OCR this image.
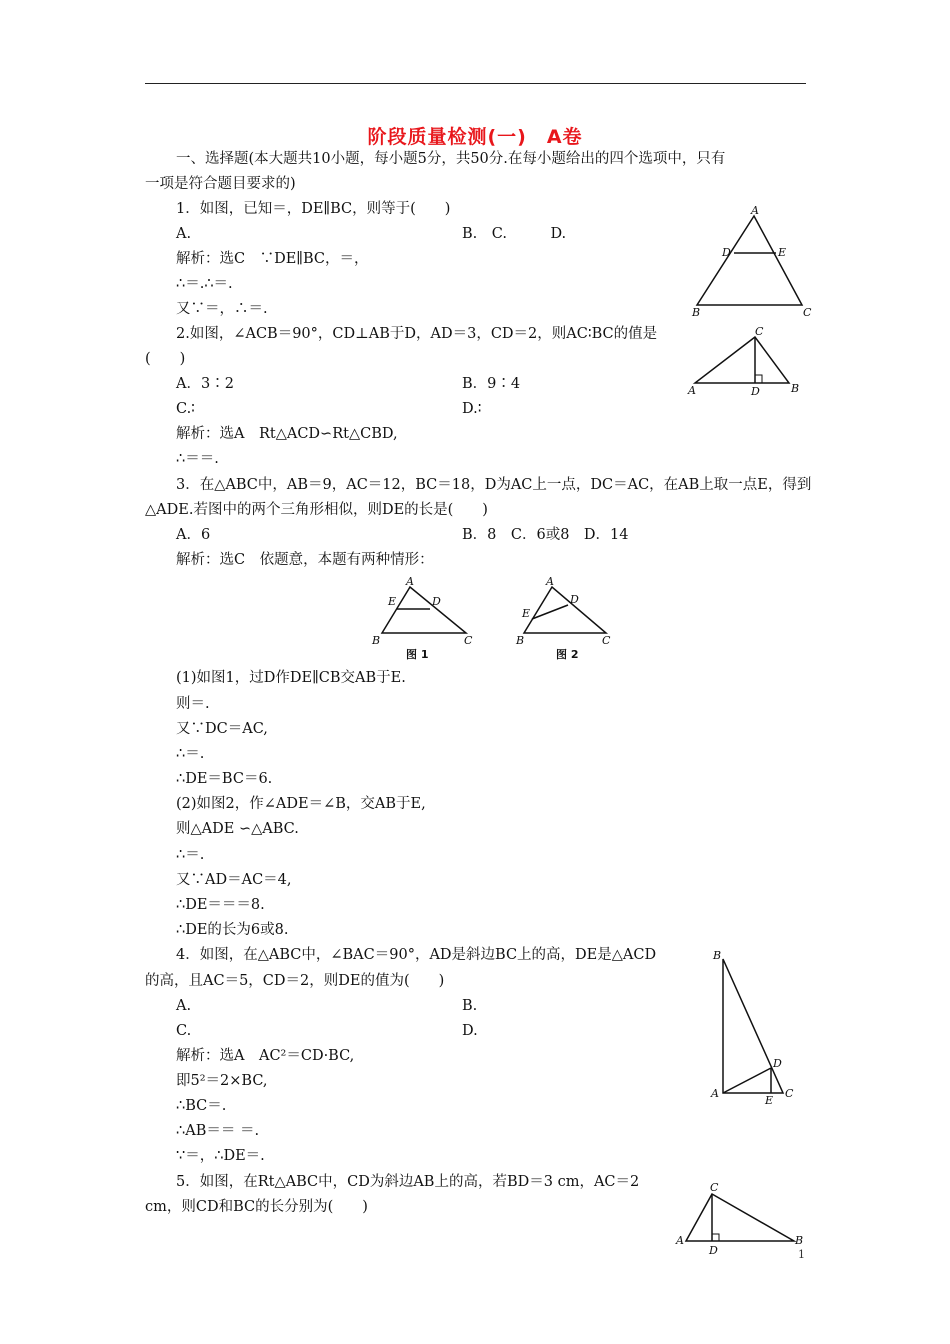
阶段质量检测(一)　A卷
一、选择题(本大题共10小题，每小题5分，共50分.在每小题给出的四个选项中，只有
一项是符合题目要求的)
1．如图，已知＝，DE∥BC，则等于(　　)
A.	B.　C.　　　D.
解析：选C　∵DE∥BC，＝，
∴＝.∴＝.
又∵＝，∴＝.
A
D	E
B	C
2.如图，∠ACB＝90°，CD⊥AB于D，AD＝3，CD＝2，则AC∶BC的值是
(　　)
A．3∶2	B．9∶4
C.∶	D.∶
解析：选A　Rt△ACD∽Rt△CBD,
∴＝＝.
C
A	D	B
3．在△ABC中，AB＝9，AC＝12，BC＝18，D为AC上一点，DC＝AC，在AB上取一点E，得到
△ADE.若图中的两个三角形相似，则DE的长是(　　)
A．6	B．8　C．6或8　D．14
解析：选C　依题意，本题有两种情形：
A
E	D
B	C
图 1
A
E
D
B	C
图 2
(1)如图1，过D作DE∥CB交AB于E.
则＝.
又∵DC＝AC,
∴＝.
∴DE＝BC＝6.
(2)如图2，作∠ADE＝∠B，交AB于E,
则△ADE ∽△ABC.
∴＝.
又∵AD＝AC＝4,
∴DE＝＝＝8.
∴DE的长为6或8.
4．如图，在△ABC中，∠BAC＝90°，AD是斜边BC上的高，DE是△ACD
的高，且AC＝5，CD＝2，则DE的值为(　　)
A.	B.
C.	D.
解析：选A　AC²＝CD·BC,
即5²＝2×BC,
∴BC＝.
∴AB＝＝ ＝.
∵＝，∴DE＝.
B
D
A
E
C
5．如图，在Rt△ABC中，CD为斜边AB上的高，若BD＝3 cm，AC＝2
cm，则CD和BC的长分别为(　　)
C
A
D
B
1
